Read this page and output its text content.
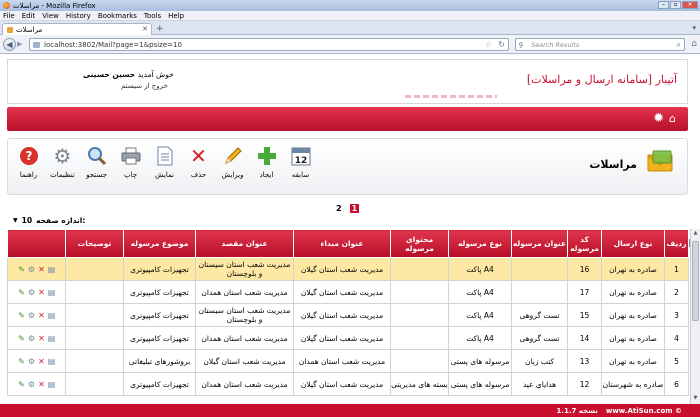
مراسلات - Mozilla Firefox	–	▫	✕
File Edit View History Bookmarks Tools Help
مراسلات	✕ +	▾
◀ ▶	localhost:3802/Mail?page=1&psize=10	☆ ↻ g Search Results	⌕ ⌂
خوش آمدید حسین حسینی
خروج از سیستم	آتیبار [سامانه ارسال و مراسلات]
⌂
✹
مراسلات
?
راهنما
⚙
تنظیمات جستجو چاپ	نمایش
✕
حذف ویرایش ایجاد
12
سابقه
2 1
▼ 10 اندازه صفحه:
	توصیحات	موضوع مرسوله	عنوان مقصد	عنوان مبداء	محتوای مرسوله	نوع مرسوله	عنوان مرسوله	کد مرسوله	نوع ارسال	ردیف	

✎ ⚙ ✕ ▤		تجهیزات کامپیوتری	مدیریت شعب استان سیستان و بلوچستان	مدیریت شعب استان گیلان		پاکت A4		16	صادره به تهران	1	

✎ ⚙ ✕ ▤		تجهیزات کامپیوتری	مدیریت شعب استان همدان	مدیریت شعب استان گیلان		پاکت A4		17	صادره به تهران	2	

✎ ⚙ ✕ ▤		تجهیزات کامپیوتری	مدیریت شعب استان سیستان و بلوچستان	مدیریت شعب استان گیلان		پاکت A4	تست گروهی	15	صادره به تهران	3	

✎ ⚙ ✕ ▤		تجهیزات کامپیوتری	مدیریت شعب استان همدان	مدیریت شعب استان گیلان		پاکت A4	تست گروهی	14	صادره به تهران	4	

✎ ⚙ ✕ ▤		بروشورهای تبلیغاتی	مدیریت شعب استان گیلان	مدیریت شعب استان همدان		مرسوله های پستی	کتب زبان	13	صادره به تهران	5	

✎ ⚙ ✕ ▤		تجهیزات کامپیوتری	مدیریت شعب استان همدان	مدیریت شعب استان گیلان	بسته های مدیریتی	مرسوله های پستی	هدایای عید	12	صادره به شهرستان	6	
▲
▼
نسخه 1.1.7 www.AtiSun.com ©
